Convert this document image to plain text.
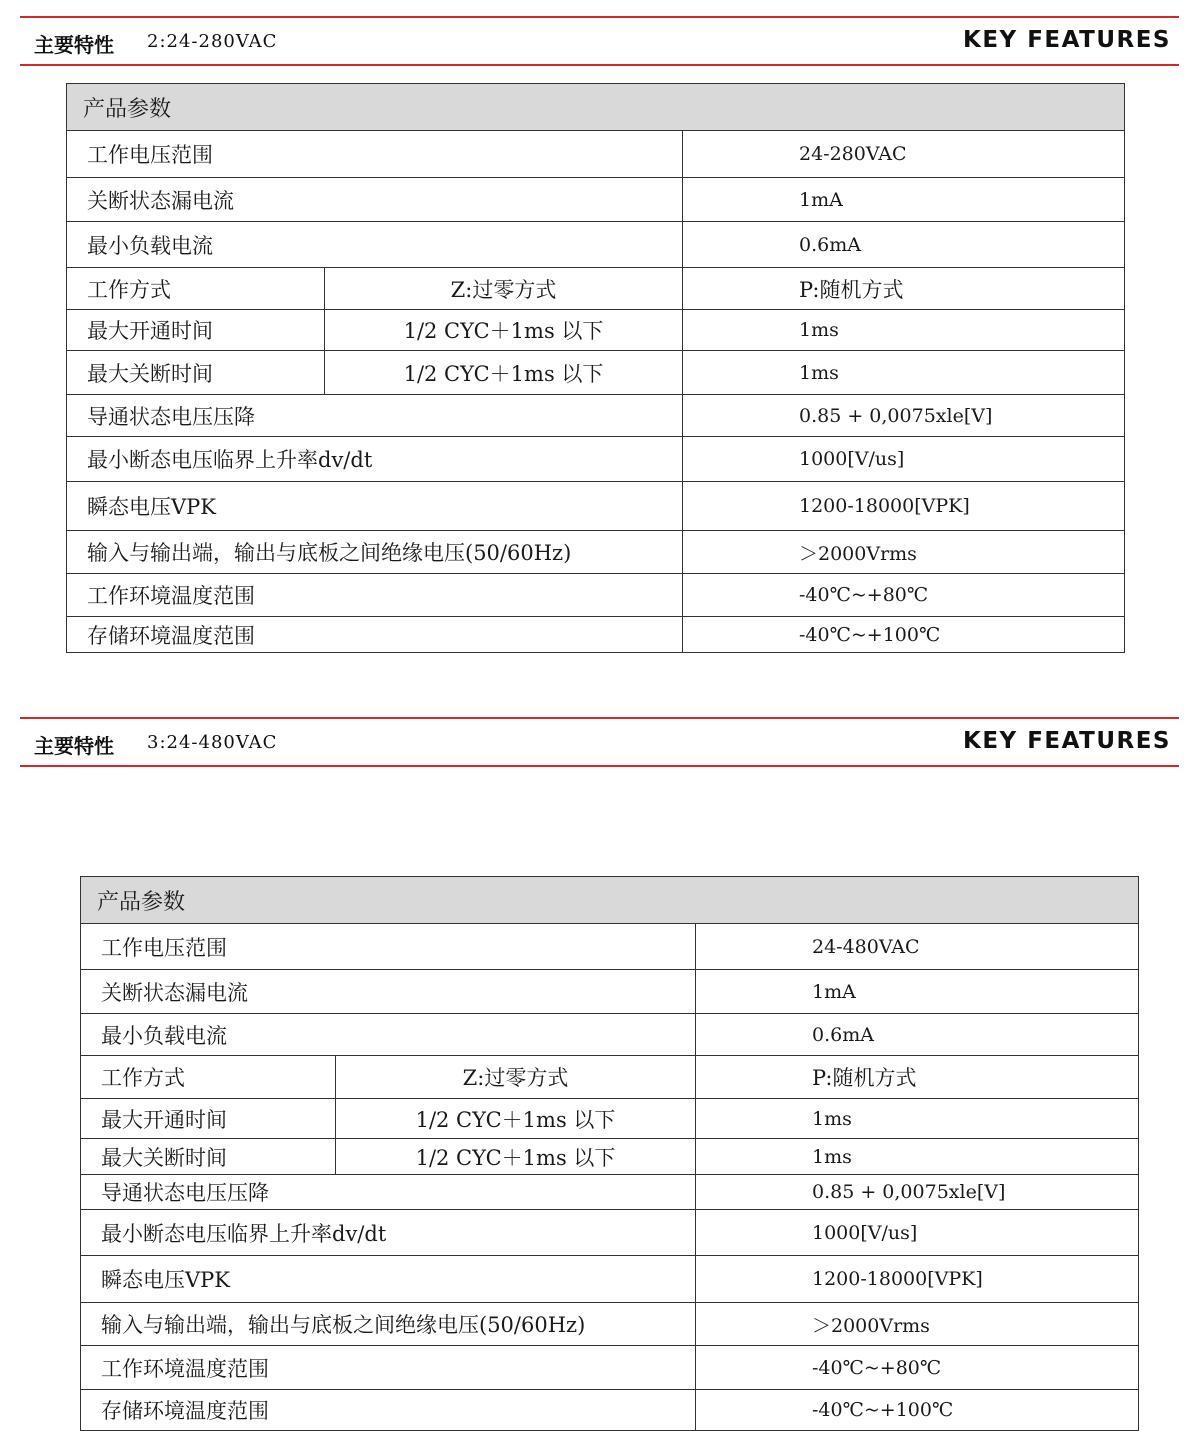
主要特性 2:24-280VAC	KEY FEATURES
产品参数		
工作电压范围		24-280VAC
关断状态漏电流		1mA
最小负载电流		0.6mA
工作方式	Z:过零方式	P:随机方式
最大开通时间	1/2 CYC＋1ms 以下	1ms
最大关断时间	1/2 CYC＋1ms 以下	1ms
导通状态电压压降		0.85 + 0,0075xle[V]
最小断态电压临界上升率dv/dt		1000[V/us]
瞬态电压VPK		1200-18000[VPK]
输入与输出端，输出与底板之间绝缘电压(50/60Hz)		＞2000Vrms
工作环境温度范围		-40℃~+80℃
存储环境温度范围		-40℃~+100℃
主要特性 3:24-480VAC	KEY FEATURES
产品参数		
工作电压范围		24-480VAC
关断状态漏电流		1mA
最小负载电流		0.6mA
工作方式	Z:过零方式	P:随机方式
最大开通时间	1/2 CYC＋1ms 以下	1ms
最大关断时间	1/2 CYC＋1ms 以下	1ms
导通状态电压压降		0.85 + 0,0075xle[V]
最小断态电压临界上升率dv/dt		1000[V/us]
瞬态电压VPK		1200-18000[VPK]
输入与输出端，输出与底板之间绝缘电压(50/60Hz)		＞2000Vrms
工作环境温度范围		-40℃~+80℃
存储环境温度范围		-40℃~+100℃
